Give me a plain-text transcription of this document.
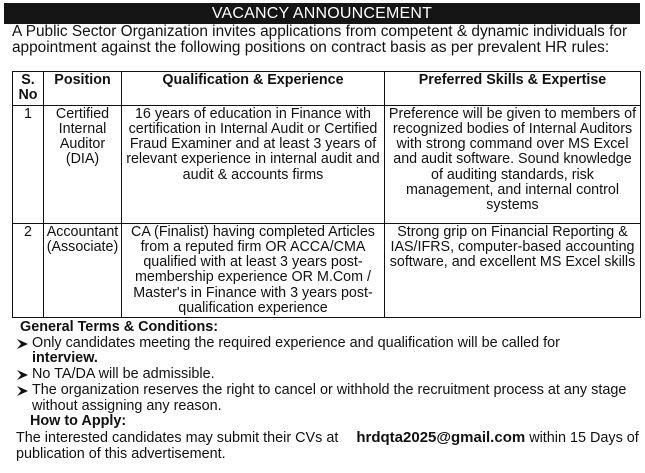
VACANCY ANNOUNCEMENT
A Public Sector Organization invites applications from competent & dynamic individuals for appointment against the following positions on contract basis as per prevalent HR rules:
S. No	Position	Qualification & Experience	Preferred Skills & Expertise
1	Certified Internal Auditor (DIA)	16 years of education in Finance with certification in Internal Audit or Certified Fraud Examiner and at least 3 years of relevant experience in internal audit and audit & accounts firms	Preference will be given to members of recognized bodies of Internal Auditors with strong command over MS Excel and audit software. Sound knowledge of auditing standards, risk management, and internal control systems
2	Accountant (Associate)	CA (Finalist) having completed Articles from a reputed firm OR ACCA/CMA qualified with at least 3 years post-membership experience OR M.Com / Master's in Finance with 3 years post-qualification experience	Strong grip on Financial Reporting & IAS/IFRS, computer-based accounting software, and excellent MS Excel skills
General Terms & Conditions:
Only candidates meeting the required experience and qualification will be called for
interview.
No TA/DA will be admissible.
The organization reserves the right to cancel or withhold the recruitment process at any stage without assigning any reason.
How to Apply:
The interested candidates may submit their CVs at hrdqta2025@gmail.com within 15 Days of publication of this advertisement.
